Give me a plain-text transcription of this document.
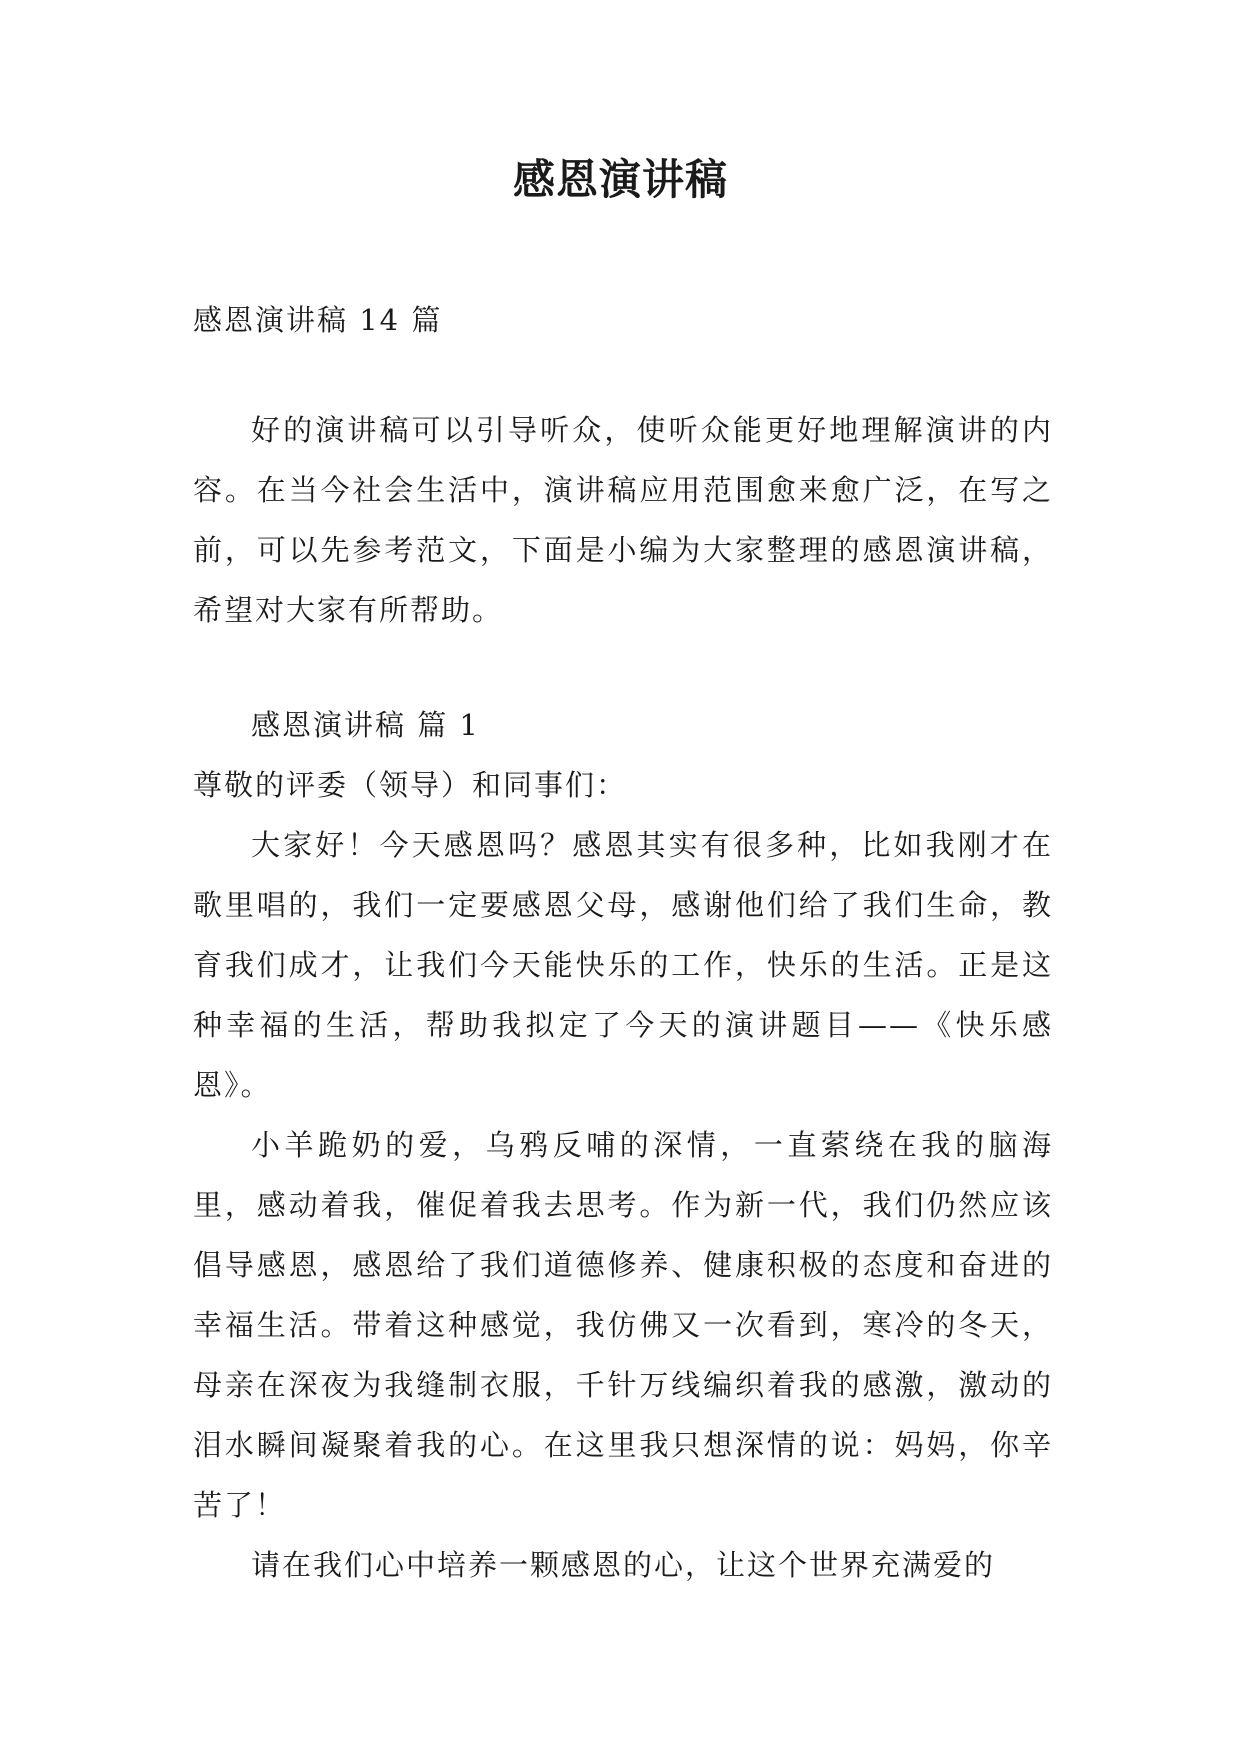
感恩演讲稿

感恩演讲稿 14 篇

好的演讲稿可以引导听众，使听众能更好地理解演讲的内容。在当今社会生活中，演讲稿应用范围愈来愈广泛，在写之前，可以先参考范文，下面是小编为大家整理的感恩演讲稿，希望对大家有所帮助。

感恩演讲稿 篇 1

尊敬的评委（领导）和同事们：

大家好！今天感恩吗？感恩其实有很多种，比如我刚才在歌里唱的，我们一定要感恩父母，感谢他们给了我们生命，教育我们成才，让我们今天能快乐的工作，快乐的生活。正是这种幸福的生活，帮助我拟定了今天的演讲题目——《快乐感恩》。

小羊跪奶的爱，乌鸦反哺的深情，一直萦绕在我的脑海里，感动着我，催促着我去思考。作为新一代，我们仍然应该倡导感恩，感恩给了我们道德修养、健康积极的态度和奋进的幸福生活。带着这种感觉，我仿佛又一次看到，寒冷的冬天，母亲在深夜为我缝制衣服，千针万线编织着我的感激，激动的泪水瞬间凝聚着我的心。在这里我只想深情的说：妈妈，你辛苦了！

请在我们心中培养一颗感恩的心，让这个世界充满爱的
